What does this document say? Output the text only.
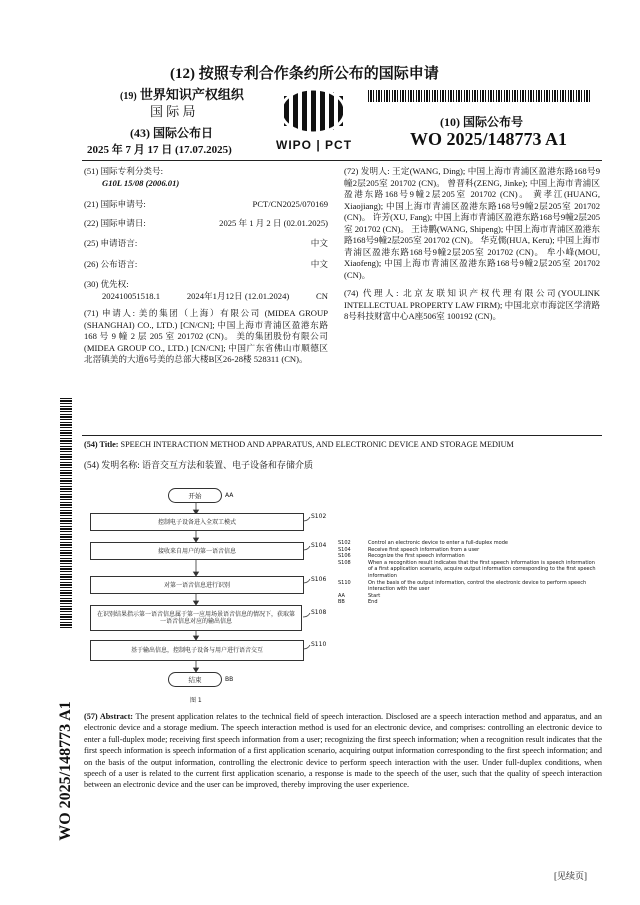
(12) 按照专利合作条约所公布的国际申请
(19) 世界知识产权组织
国 际 局
(43) 国际公布日
2025 年 7 月 17 日 (17.07.2025)	WIPO | PCT
(10) 国际公布号
WO 2025/148773 A1
(51) 国际专利分类号:
G10L 15/08 (2006.01)
(21) 国际申请号:	PCT/CN2025/070169
(22) 国际申请日:	2025 年 1 月 2 日 (02.01.2025)
(25) 申请语言:	中文
(26) 公布语言:	中文
(30) 优先权:
202410051518.1	2024年1月12日 (12.01.2024)	CN
(71) 申请人: 美的集团（上海）有限公司 (MIDEA GROUP (SHANGHAI) CO., LTD.) [CN/CN]; 中国上海市青浦区盈港东路 168 号 9 幢 2 层 205 室 201702 (CN)。 美的集团股份有限公司(MIDEA GROUP CO., LTD.) [CN/CN]; 中国广东省佛山市顺德区北滘镇美的大道6号美的总部大楼B区26-28楼 528311 (CN)。
(72) 发明人: 王定(WANG, Ding); 中国上海市青浦区盈港东路168号9幢2层205室 201702 (CN)。 曾晋科(ZENG, Jinke); 中国上海市青浦区盈港东路168号9幢2层205室 201702 (CN)。 黄孝江(HUANG, Xiaojiang); 中国上海市青浦区盈港东路168号9幢2层205室 201702 (CN)。 许芳(XU, Fang); 中国上海市青浦区盈港东路168号9幢2层205室 201702 (CN)。 王诗鹏(WANG, Shipeng); 中国上海市青浦区盈港东路168号9幢2层205室 201702 (CN)。 华克儒(HUA, Keru); 中国上海市青浦区盈港东路168号9幢2层205室 201702 (CN)。 牟小峰(MOU, Xiaofeng); 中国上海市青浦区盈港东路168号9幢2层205室 201702 (CN)。
(74) 代理人: 北京友联知识产权代理有限公司(YOULINK INTELLECTUAL PROPERTY LAW FIRM); 中国北京市海淀区学清路8号科技财富中心A座506室 100192 (CN)。
WO 2025/148773 A1
(54) Title: SPEECH INTERACTION METHOD AND APPARATUS, AND ELECTRONIC DEVICE AND STORAGE MEDIUM
(54) 发明名称: 语音交互方法和装置、电子设备和存储介质
开始	AA
控制电子设备进入全双工模式
S102
接收来自用户的第一语音信息
S104
对第一语音信息进行识别
S106
在识别结果指示第一语音信息属于第一应用场景语音信息的情况下，获取第一语音信息对应的输出信息
S108
基于输出信息，控制电子设备与用户进行语音交互
S110
结束	BB
图 1
S102	Control an electronic device to enter a full-duplex mode
S104	Receive first speech information from a user
S106	Recognize the first speech information
S108	When a recognition result indicates that the first speech information is speech information of a first application scenario, acquire output information corresponding to the first speech information
S110	On the basis of the output information, control the electronic device to perform speech interaction with the user
AA	Start
BB	End
(57) Abstract: The present application relates to the technical field of speech interaction. Disclosed are a speech interaction method and apparatus, and an electronic device and a storage medium. The speech interaction method is used for an electronic device, and comprises: controlling an electronic device to enter a full-duplex mode; receiving first speech information from a user; recognizing the first speech information; when a recognition result indicates that the first speech information is speech information of a first application scenario, acquiring output information corresponding to the first speech information; and on the basis of the output information, controlling the electronic device to perform speech interaction with the user. Under full-duplex conditions, when speech of a user is related to the current first application scenario, a response is made to the speech of the user, such that the quality of speech interaction between an electronic device and the user can be improved, thereby improving the user experience.
[见续页]
